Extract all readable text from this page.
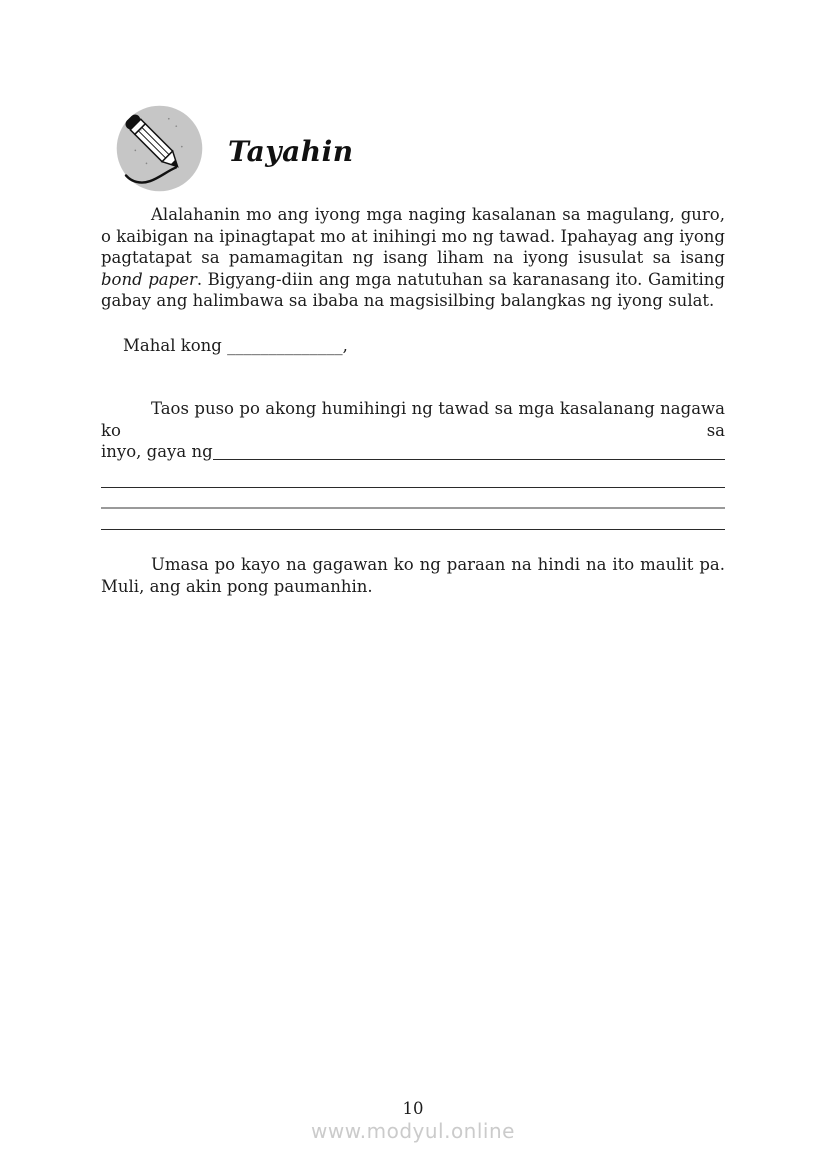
Tayahin

Alalahanin mo ang iyong mga naging kasalanan sa magulang, guro, o kaibigan na ipinagtapat mo at inihingi mo ng tawad. Ipahayag ang iyong pagtatapat sa pamamagitan ng isang liham na iyong isusulat sa isang bond paper. Bigyang-diin ang mga natutuhan sa karanasang ito. Gamiting gabay ang halimbawa sa ibaba na magsisilbing balangkas ng iyong sulat.

Mahal kong ______________,
Taos puso po akong humihingi ng tawad sa mga kasalanang nagawa ko sa
inyo, gaya ng

Umasa po kayo na gagawan ko ng paraan na hindi na ito maulit pa. Muli, ang akin pong paumanhin.

10
www.modyul.online
